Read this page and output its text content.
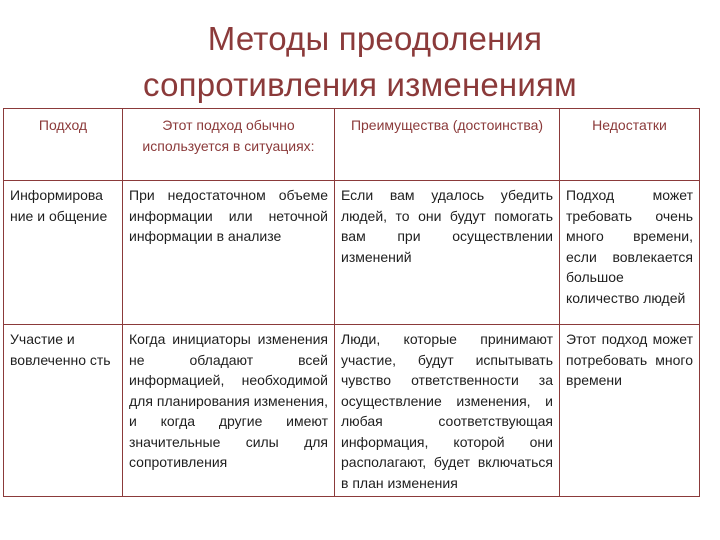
Методы преодоления
сопротивления изменениям
Подход	Этот подход обычно используется в ситуациях:	Преимущества (достоинства)	Недостатки
Информирова ние и общение	При недостаточном объеме информации или неточной информации в анализе	Если вам удалось убедить людей, то они будут помогать вам при осуществлении изменений	Подход может требовать очень много времени, если вовлекается большое количество людей
Участие и вовлеченно сть	Когда инициаторы изменения не обладают всей информацией, необходимой для планирования изменения, и когда другие имеют значительные силы для сопротивления	Люди, которые принимают участие, будут испытывать чувство ответственности за осуществление изменения, и любая соответствующая информация, которой они располагают, будет включаться в план изменения	Этот подход может потребовать много времени
